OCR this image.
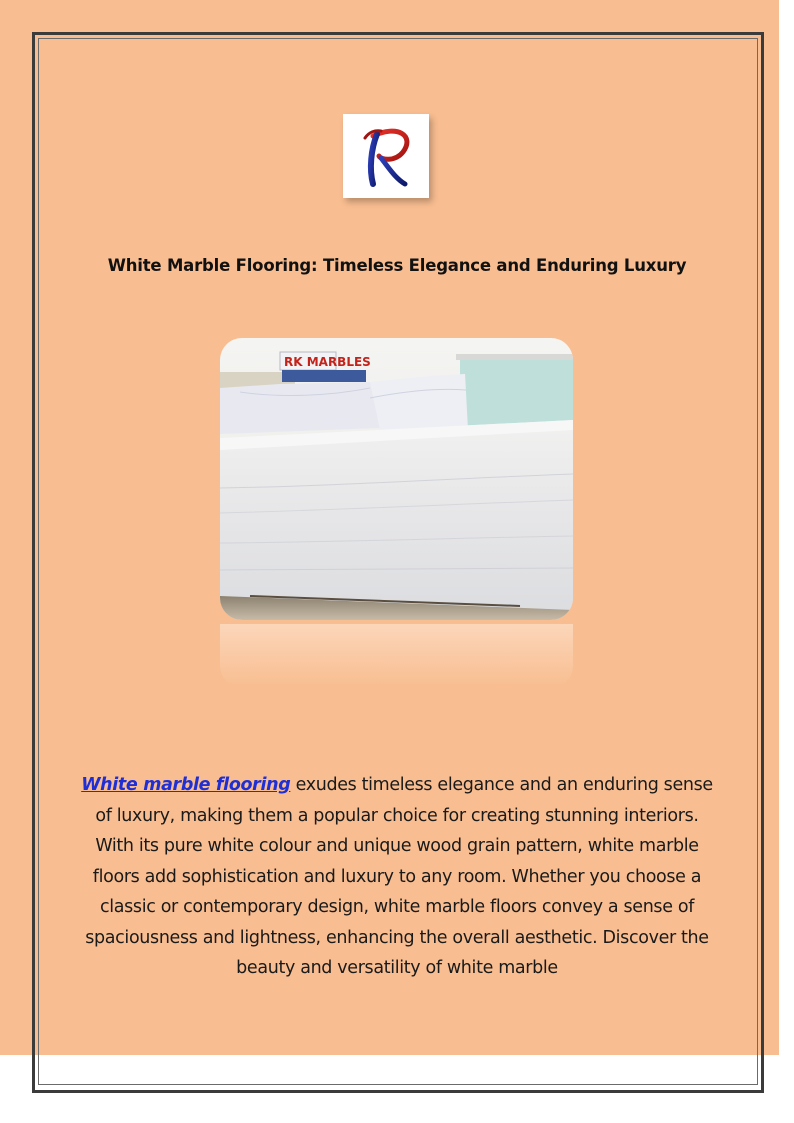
White Marble Flooring: Timeless Elegance and Enduring Luxury
RK MARBLES

White marble flooring exudes timeless elegance and an enduring sense of luxury, making them a popular choice for creating stunning interiors. With its pure white colour and unique wood grain pattern, white marble floors add sophistication and luxury to any room. Whether you choose a classic or contemporary design, white marble floors convey a sense of spaciousness and lightness, enhancing the overall aesthetic. Discover the beauty and versatility of white marble
